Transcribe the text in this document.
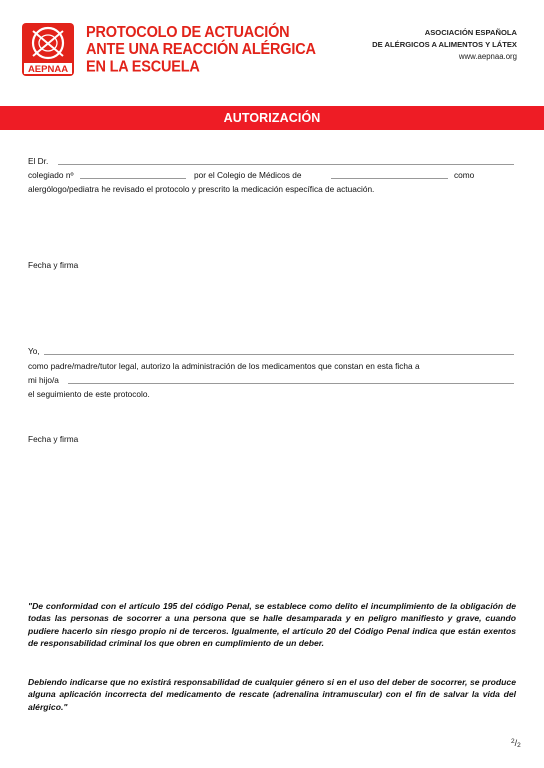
AEPNAA
PROTOCOLO DE ACTUACIÓN
ANTE UNA REACCIÓN ALÉRGICA
EN LA ESCUELA
ASOCIACIÓN ESPAÑOLA
DE ALÉRGICOS A ALIMENTOS Y LÁTEX
www.aepnaa.org
AUTORIZACIÓN
El Dr.
colegiado nº	por el Colegio de Médicos de	como
alergólogo/pediatra he revisado el protocolo y prescrito la medicación específica de actuación.
Fecha y firma
Yo,
como padre/madre/tutor legal, autorizo la administración de los medicamentos que constan en esta ficha a
mi hijo/a
el seguimiento de este protocolo.
Fecha y firma
"De conformidad con el artículo 195 del código Penal, se establece como delito el incumplimiento de la obligación de todas las personas de socorrer a una persona que se halle desamparada y en peligro manifiesto y grave, cuando pudiere hacerlo sin riesgo propio ni de terceros. Igualmente, el artículo 20 del Código Penal indica que están exentos de responsabilidad criminal los que obren en cumplimiento de un deber.
Debiendo indicarse que no existirá responsabilidad de cualquier género si en el uso del deber de socorrer, se produce alguna aplicación incorrecta del medicamento de rescate (adrenalina intramuscular) con el fin de salvar la vida del alérgico."
$^2/_2$
